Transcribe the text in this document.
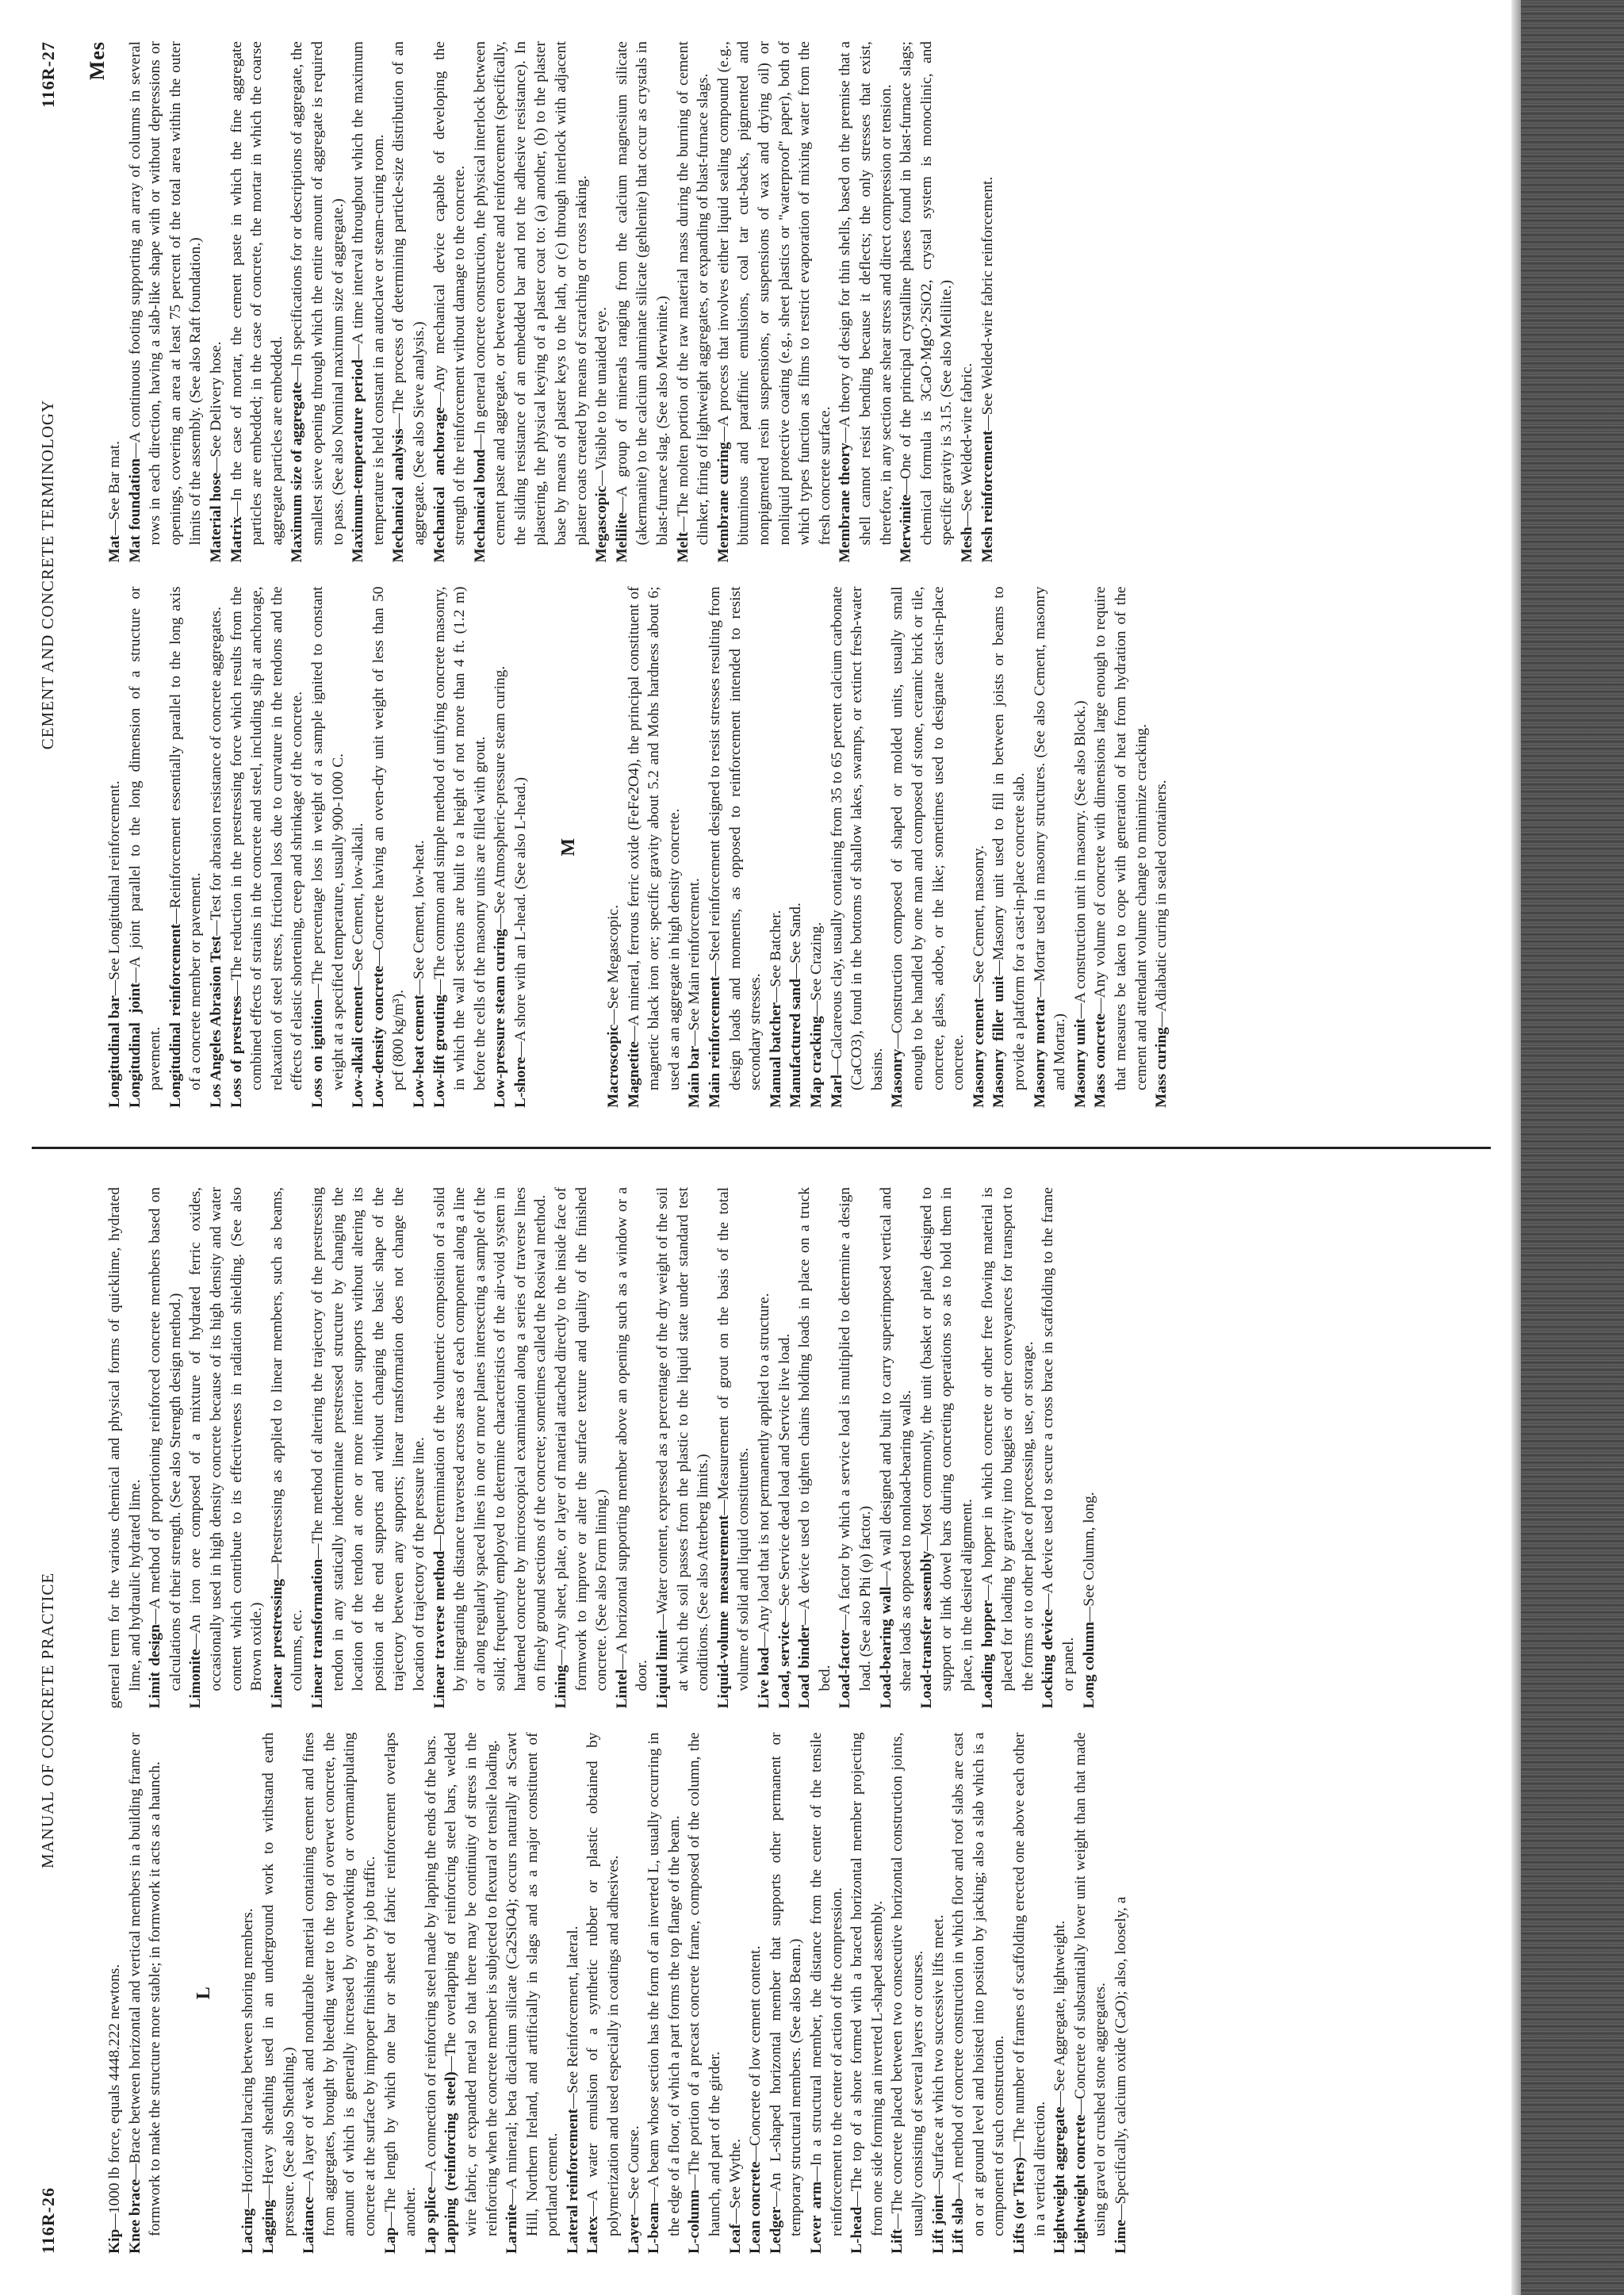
116R-26
MANUAL OF CONCRETE PRACTICE

Kip—1000 lb force, equals 4448.222 newtons. Knee brace—Brace between horizontal and vertical members in a building frame or formwork to make the structure more stable; in formwork it acts as a haunch. L

Lacing—Horizontal bracing between shoring members.

Lagging—Heavy sheathing used in an underground work to withstand earth pressure. (See also Sheathing.) Laitance—A layer of weak and nondurable material containing cement and fines from aggregates, brought by bleeding water to the top of overwet concrete, the amount of which is generally increased by overworking or overmanipulating concrete at the surface by improper finishing or by job traffic.

Lap—The length by which one bar or sheet of fabric reinforcement overlaps another. Lap splice—A connection of reinforcing steel made by lapping the ends of the bars. Lapping (reinforcing steel)—The overlapping of reinforcing steel bars, welded wire fabric, or expanded metal so that there may be continuity of stress in the reinforcing when the concrete member is subjected to flexural or tensile loading. Larnite—A mineral; beta dicalcium silicate (Ca2SiO4); occurs naturally at Scawt Hill, Northern Ireland, and artificially in slags and as a major constituent of portland cement. Lateral reinforcement—See Reinforcement, lateral.

Latex—A water emulsion of a synthetic rubber or plastic obtained by polymerization and used especially in coatings and adhesives. Layer—See Course.

L-beam—A beam whose section has the form of an inverted L, usually occurring in the edge of a floor, of which a part forms the top flange of the beam. L-column—The portion of a precast concrete frame, composed of the column, the haunch, and part of the girder.

Leaf—See Wythe. Lean concrete—Concrete of low cement content.

Ledger—An L-shaped horizontal member that supports other permanent or temporary structural members. (See also Beam.) Lever arm—In a structural member, the distance from the center of the tensile reinforcement to the center of action of the compression. L-head—The top of a shore formed with a braced horizontal member projecting from one side forming an inverted L-shaped assembly.

Lift—The concrete placed between two consecutive horizontal construction joints, usually consisting of several layers or courses. Lift joint—Surface at which two successive lifts meet.

Lift slab—A method of concrete construction in which floor and roof slabs are cast on or at ground level and hoisted into position by jacking; also a slab which is a component of such construction. Lifts (or Tiers)—The number of frames of scaffolding erected one above each other in a vertical direction. Lightweight aggregate—See Aggregate, lightweight.

Lightweight concrete—Concrete of substantially lower unit weight than that made using gravel or crushed stone aggregates.

Lime—Specifically, calcium oxide (CaO); also, loosely, a

general term for the various chemical and physical forms of quicklime, hydrated lime, and hydraulic hydrated lime. Limit design—A method of proportioning reinforced concrete members based on calculations of their strength. (See also Strength design method.) Limonite—An iron ore composed of a mixture of hydrated ferric oxides, occasionally used in high density concrete because of its high density and water content which contribute to its effectiveness in radiation shielding. (See also Brown oxide.) Linear prestressing—Prestressing as applied to linear members, such as beams, columns, etc. Linear transformation—The method of altering the trajectory of the prestressing tendon in any statically indeterminate prestressed structure by changing the location of the tendon at one or more interior supports without altering its position at the end supports and without changing the basic shape of the trajectory between any supports; linear transformation does not change the location of trajectory of the pressure line. Linear traverse method—Determination of the volumetric composition of a solid by integrating the distance traversed across areas of each component along a line or along regularly spaced lines in one or more planes intersecting a sample of the solid; frequently employed to determine characteristics of the air-void system in hardened concrete by microscopical examination along a series of traverse lines on finely ground sections of the concrete; sometimes called the Rosiwal method. Lining—Any sheet, plate, or layer of material attached directly to the inside face of formwork to improve or alter the surface texture and quality of the finished concrete. (See also Form lining.) Lintel—A horizontal supporting member above an opening such as a window or a door. Liquid limit—Water content, expressed as a percentage of the dry weight of the soil at which the soil passes from the plastic to the liquid state under standard test conditions. (See also Atterberg limits.) Liquid-volume measurement—Measurement of grout on the basis of the total volume of solid and liquid constituents. Live load—Any load that is not permanently applied to a structure.

Load, service—See Service dead load and Service live load.

Load binder—A device used to tighten chains holding loads in place on a truck bed. Load-factor—A factor by which a service load is multiplied to determine a design load. (See also Phi (φ) factor.) Load-bearing wall—A wall designed and built to carry superimposed vertical and shear loads as opposed to nonload-bearing walls. Load-transfer assembly—Most commonly, the unit (basket or plate) designed to support or link dowel bars during concreting operations so as to hold them in place, in the desired alignment. Loading hopper—A hopper in which concrete or other free flowing material is placed for loading by gravity into buggies or other conveyances for transport to the forms or to other place of processing, use, or storage. Locking device—A device used to secure a cross brace in scaffolding to the frame or panel. Long column—See Column, long.

CEMENT AND CONCRETE TERMINOLOGY
116R-27 Mes

Longitudinal bar—See Longitudinal reinforcement.

Longitudinal joint—A joint parallel to the long dimension of a structure or pavement. Longitudinal reinforcement—Reinforcement essentially parallel to the long axis of a concrete member or pavement. Los Angeles Abrasion Test—Test for abrasion resistance of concrete aggregates.

Loss of prestress—The reduction in the prestressing force which results from the combined effects of strains in the concrete and steel, including slip at anchorage, relaxation of steel stress, frictional loss due to curvature in the tendons and the effects of elastic shortening, creep and shrinkage of the concrete. Loss on ignition—The percentage loss in weight of a sample ignited to constant weight at a specified temperature, usually 900-1000 C. Low-alkali cement—See Cement, low-alkali.

Low-density concrete—Concrete having an oven-dry unit weight of less than 50 pcf (800 kg/m³). Low-heat cement—See Cement, low-heat.

Low-lift grouting—The common and simple method of unifying concrete masonry, in which the wall sections are built to a height of not more than 4 ft. (1.2 m) before the cells of the masonry units are filled with grout. Low-pressure steam curing—See Atmospheric-pressure steam curing.

L-shore—A shore with an L-head. (See also L-head.) M

Macroscopic—See Megascopic.

Magnetite—A mineral, ferrous ferric oxide (FeFe2O4), the principal constituent of magnetic black iron ore; specific gravity about 5.2 and Mohs hardness about 6; used as an aggregate in high density concrete. Main bar—See Main reinforcement. Main reinforcement—Steel reinforcement designed to resist stresses resulting from design loads and moments, as opposed to reinforcement intended to resist secondary stresses. Manual batcher—See Batcher.

Manufactured sand—See Sand.

Map cracking—See Crazing.

Marl—Calcareous clay, usually containing from 35 to 65 percent calcium carbonate (CaCO3), found in the bottoms of shallow lakes, swamps, or extinct fresh-water basins. Masonry—Construction composed of shaped or molded units, usually small enough to be handled by one man and composed of stone, ceramic brick or tile, concrete, glass, adobe, or the like; sometimes used to designate cast-in-place concrete. Masonry cement—See Cement, masonry.

Masonry filler unit—Masonry unit used to fill in between joists or beams to provide a platform for a cast-in-place concrete slab. Masonry mortar—Mortar used in masonry structures. (See also Cement, masonry and Mortar.) Masonry unit—A construction unit in masonry. (See also Block.)

Mass concrete—Any volume of concrete with dimensions large enough to require that measures be taken to cope with generation of heat from hydration of the cement and attendant volume change to minimize cracking. Mass curing—Adiabatic curing in sealed containers.

Mat—See Bar mat. Mat foundation—A continuous footing supporting an array of columns in several rows in each direction, having a slab-like shape with or without depressions or openings, covering an area at least 75 percent of the total area within the outer limits of the assembly. (See also Raft foundation.) Material hose—See Delivery hose.

Matrix—In the case of mortar, the cement paste in which the fine aggregate particles are embedded; in the case of concrete, the mortar in which the coarse aggregate particles are embedded. Maximum size of aggregate—In specifications for or descriptions of aggregate, the smallest sieve opening through which the entire amount of aggregate is required to pass. (See also Nominal maximum size of aggregate.) Maximum-temperature period—A time interval throughout which the maximum temperature is held constant in an autoclave or steam-curing room. Mechanical analysis—The process of determining particle-size distribution of an aggregate. (See also Sieve analysis.) Mechanical anchorage—Any mechanical device capable of developing the strength of the reinforcement without damage to the concrete. Mechanical bond—In general concrete construction, the physical interlock between cement paste and aggregate, or between concrete and reinforcement (specifically, the sliding resistance of an embedded bar and not the adhesive resistance). In plastering, the physical keying of a plaster coat to: (a) another, (b) to the plaster base by means of plaster keys to the lath, or (c) through interlock with adjacent plaster coats created by means of scratching or cross raking. Megascopic—Visible to the unaided eye.

Melilite—A group of minerals ranging from the calcium magnesium silicate (akermanite) to the calcium aluminate silicate (gehlenite) that occur as crystals in blast-furnace slag. (See also Merwinite.)

Melt—The molten portion of the raw material mass during the burning of cement clinker, firing of lightweight aggregates, or expanding of blast-furnace slags. Membrane curing—A process that involves either liquid sealing compound (e.g., bituminous and paraffinic emulsions, coal tar cut-backs, pigmented and nonpigmented resin suspensions, or suspensions of wax and drying oil) or nonliquid protective coating (e.g., sheet plastics or "waterproof" paper), both of which types function as films to restrict evaporation of mixing water from the fresh concrete surface. Membrane theory—A theory of design for thin shells, based on the premise that a shell cannot resist bending because it deflects; the only stresses that exist, therefore, in any section are shear stress and direct compression or tension. Merwinite—One of the principal crystalline phases found in blast-furnace slags; chemical formula is 3CaO·MgO·2SiO2, crystal system is monoclinic, and specific gravity is 3.15. (See also Melilite.) Mesh—See Welded-wire fabric. Mesh reinforcement—See Welded-wire fabric reinforcement.
